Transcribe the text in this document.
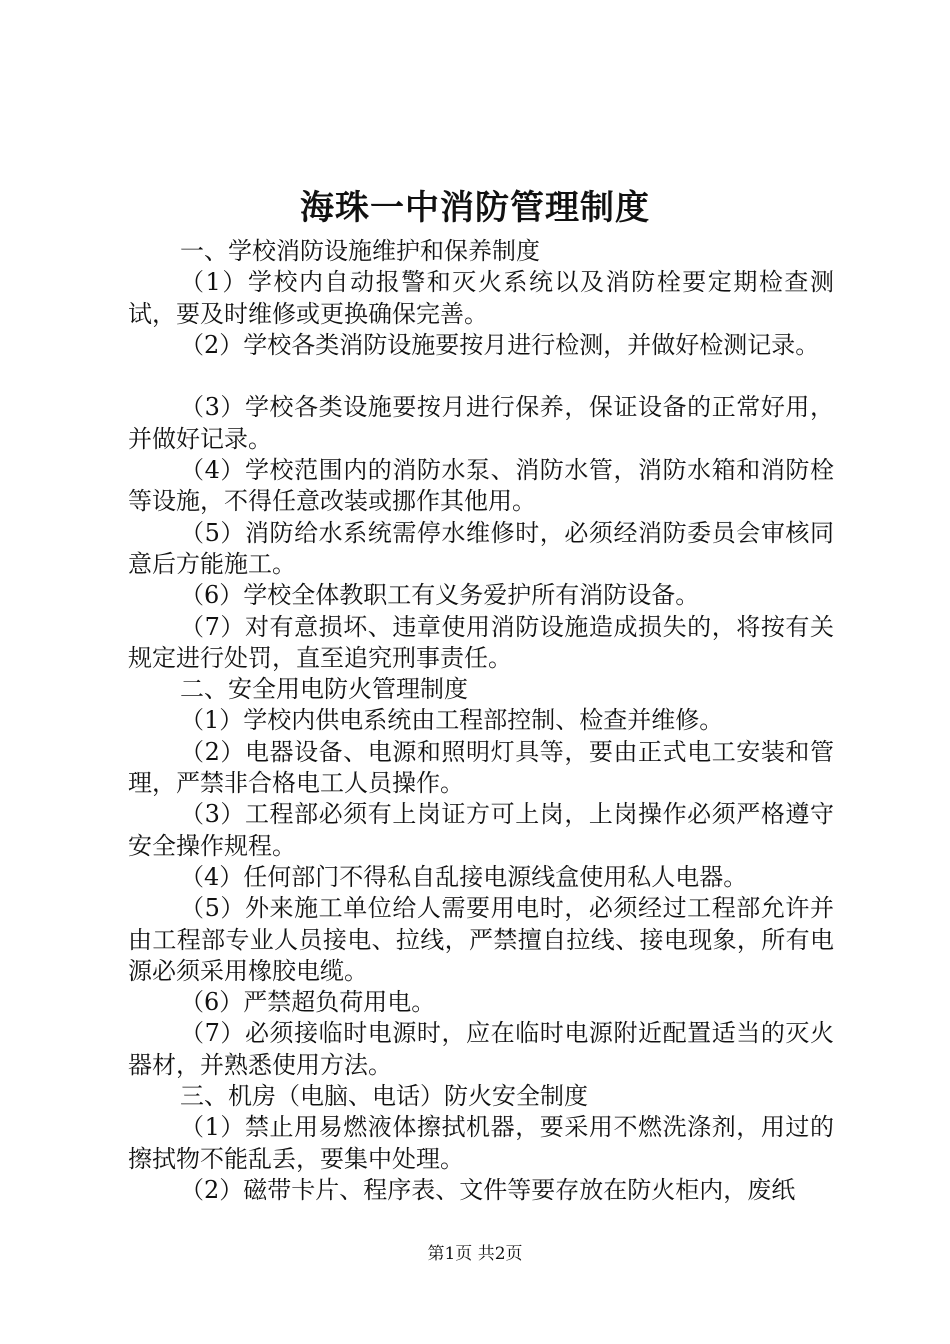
海珠一中消防管理制度

一、学校消防设施维护和保养制度

（1）学校内自动报警和灭火系统以及消防栓要定期检查测试，要及时维修或更换确保完善。

（2）学校各类消防设施要按月进行检测，并做好检测记录。

（3）学校各类设施要按月进行保养，保证设备的正常好用，并做好记录。

（4）学校范围内的消防水泵、消防水管，消防水箱和消防栓等设施，不得任意改装或挪作其他用。

（5）消防给水系统需停水维修时，必须经消防委员会审核同意后方能施工。

（6）学校全体教职工有义务爱护所有消防设备。

（7）对有意损坏、违章使用消防设施造成损失的，将按有关规定进行处罚，直至追究刑事责任。

二、安全用电防火管理制度

（1）学校内供电系统由工程部控制、检查并维修。

（2）电器设备、电源和照明灯具等，要由正式电工安装和管理，严禁非合格电工人员操作。

（3）工程部必须有上岗证方可上岗，上岗操作必须严格遵守安全操作规程。

（4）任何部门不得私自乱接电源线盒使用私人电器。

（5）外来施工单位给人需要用电时，必须经过工程部允许并由工程部专业人员接电、拉线，严禁擅自拉线、接电现象，所有电源必须采用橡胶电缆。

（6）严禁超负荷用电。

（7）必须接临时电源时，应在临时电源附近配置适当的灭火器材，并熟悉使用方法。

三、机房（电脑、电话）防火安全制度

（1）禁止用易燃液体擦拭机器，要采用不燃洗涤剂，用过的擦拭物不能乱丢，要集中处理。

（2）磁带卡片、程序表、文件等要存放在防火柜内，废纸

第1页 共2页
